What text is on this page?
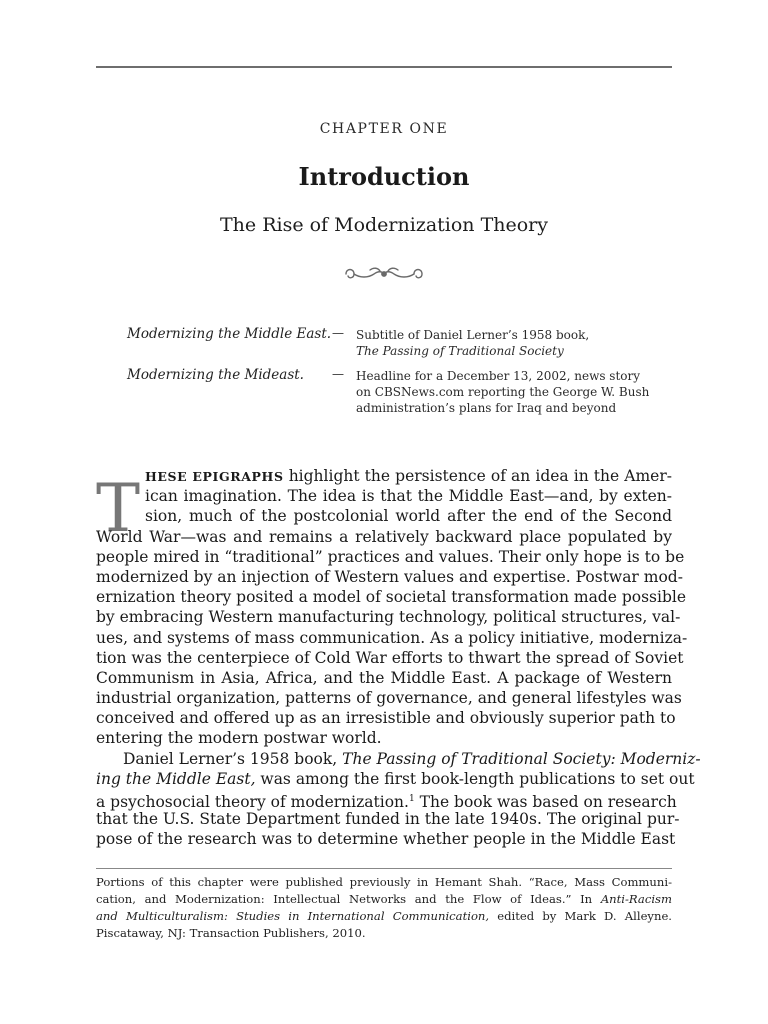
CHAPTER ONE
Introduction
The Rise of Modernization Theory
Modernizing the Middle East. — Subtitle of Daniel Lerner’s 1958 book,
The Passing of Traditional Society
Modernizing the Mideast. — Headline for a December 13, 2002, news story
on CBSNews.com reporting the George W. Bush
administration’s plans for Iraq and beyond
T HESE EPIGRAPHS highlight the persistence of an idea in the Amer-
ican imagination. The idea is that the Middle East—and, by exten-
sion, much of the postcolonial world after the end of the Second
World War—was and remains a relatively backward place populated by
people mired in “traditional” practices and values. Their only hope is to be
modernized by an injection of Western values and expertise. Postwar mod-
ernization theory posited a model of societal transformation made possible
by embracing Western manufacturing technology, political structures, val-
ues, and systems of mass communication. As a policy initiative, moderniza-
tion was the centerpiece of Cold War efforts to thwart the spread of Soviet
Communism in Asia, Africa, and the Middle East. A package of Western
industrial organization, patterns of governance, and general lifestyles was
conceived and offered up as an irresistible and obviously superior path to
entering the modern postwar world.
Daniel Lerner’s 1958 book, The Passing of Traditional Society: Moderniz-
ing the Middle East, was among the first book-length publications to set out
a psychosocial theory of modernization.$^1$ The book was based on research
that the U.S. State Department funded in the late 1940s. The original pur-
pose of the research was to determine whether people in the Middle East
Portions of this chapter were published previously in Hemant Shah. “Race, Mass Communi-
cation, and Modernization: Intellectual Networks and the Flow of Ideas.” In Anti-Racism
and Multiculturalism: Studies in International Communication, edited by Mark D. Alleyne.
Piscataway, NJ: Transaction Publishers, 2010.
